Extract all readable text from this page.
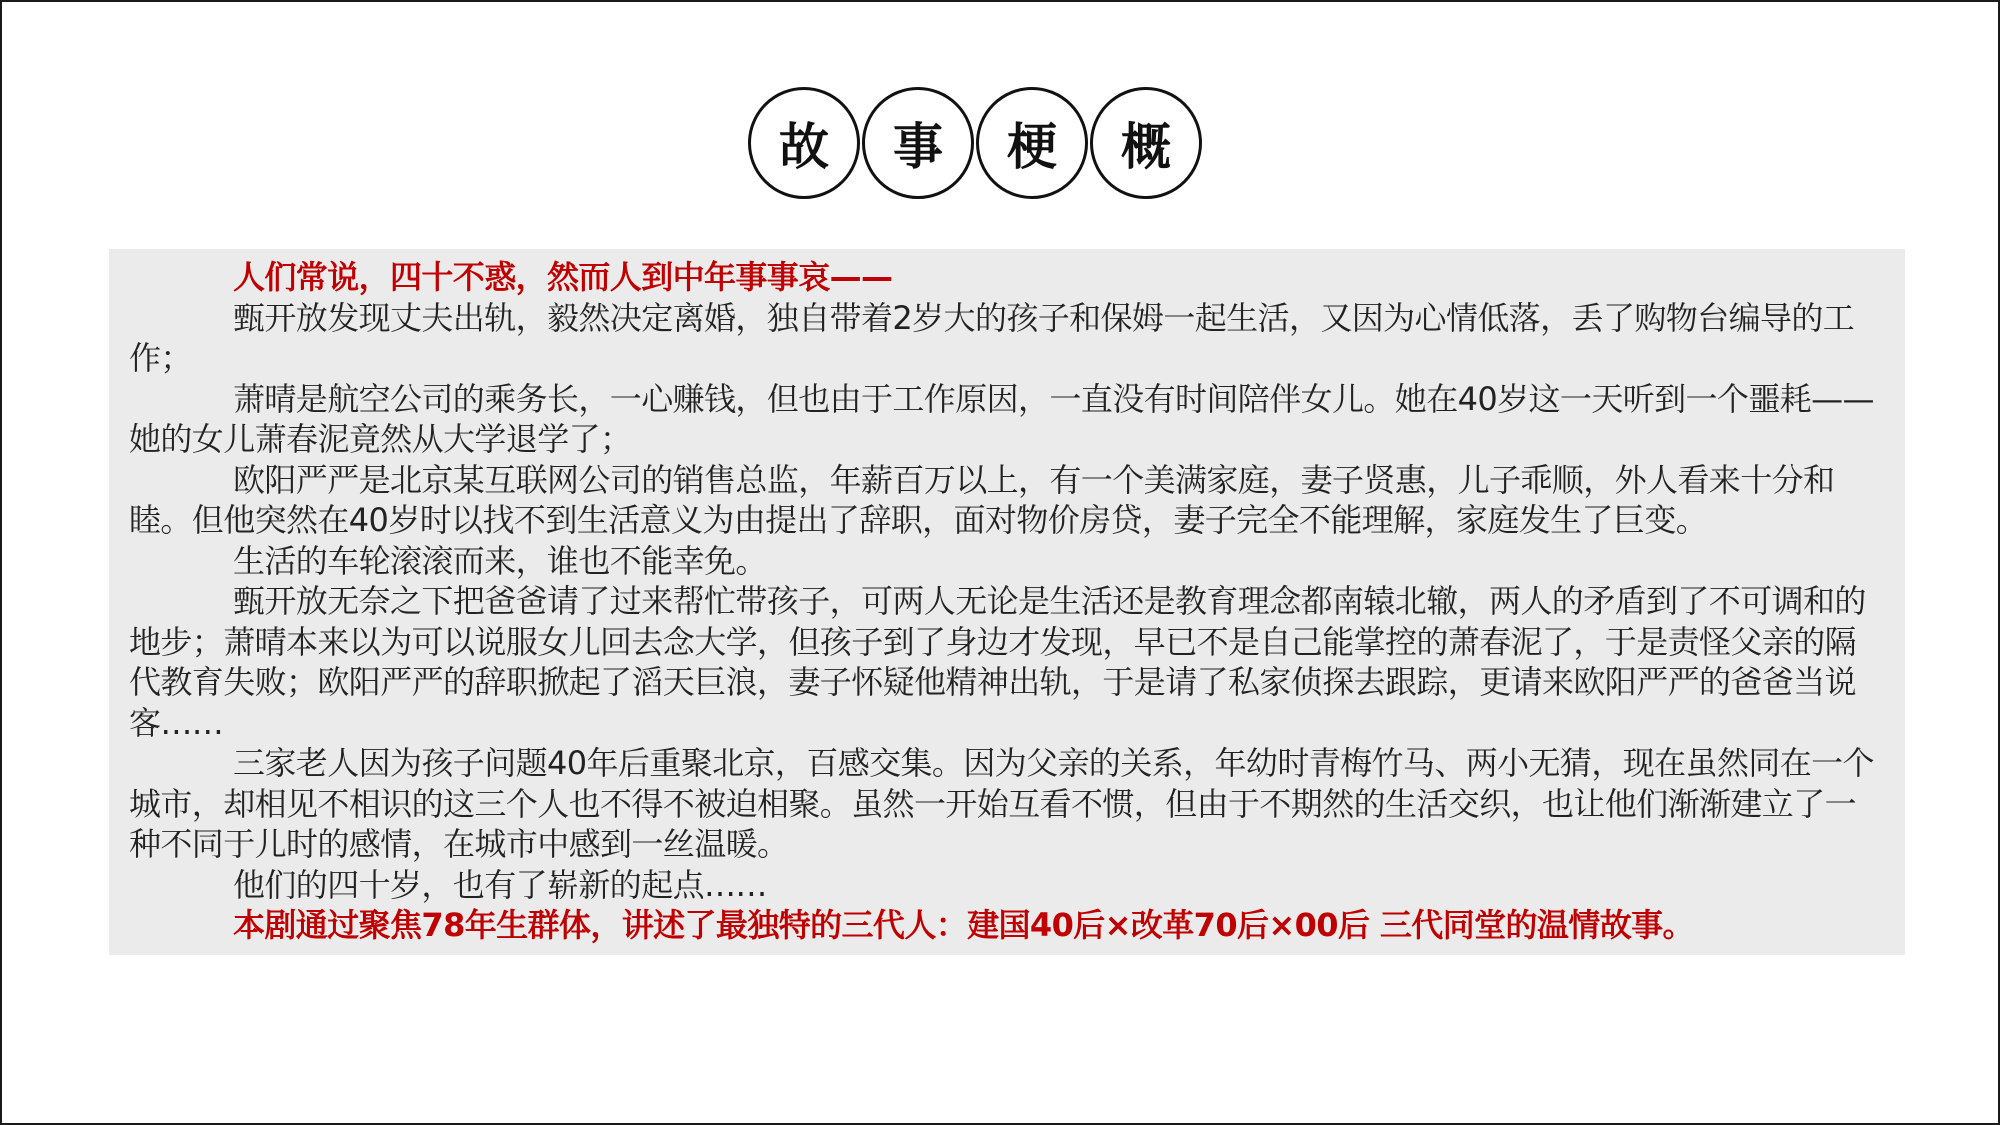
故	事	梗	概

人们常说，四十不惑，然而人到中年事事哀——

甄开放发现丈夫出轨，毅然决定离婚，独自带着2岁大的孩子和保姆一起生活，又因为心情低落，丢了购物台编导的工作；

萧晴是航空公司的乘务长，一心赚钱，但也由于工作原因，一直没有时间陪伴女儿。她在40岁这一天听到一个噩耗——她的女儿萧春泥竟然从大学退学了；

欧阳严严是北京某互联网公司的销售总监，年薪百万以上，有一个美满家庭，妻子贤惠，儿子乖顺，外人看来十分和睦。但他突然在40岁时以找不到生活意义为由提出了辞职，面对物价房贷，妻子完全不能理解，家庭发生了巨变。

生活的车轮滚滚而来，谁也不能幸免。

甄开放无奈之下把爸爸请了过来帮忙带孩子，可两人无论是生活还是教育理念都南辕北辙，两人的矛盾到了不可调和的地步；萧晴本来以为可以说服女儿回去念大学，但孩子到了身边才发现，早已不是自己能掌控的萧春泥了，于是责怪父亲的隔代教育失败；欧阳严严的辞职掀起了滔天巨浪，妻子怀疑他精神出轨，于是请了私家侦探去跟踪，更请来欧阳严严的爸爸当说客……

三家老人因为孩子问题40年后重聚北京，百感交集。因为父亲的关系，年幼时青梅竹马、两小无猜，现在虽然同在一个城市，却相见不相识的这三个人也不得不被迫相聚。虽然一开始互看不惯，但由于不期然的生活交织，也让他们渐渐建立了一种不同于儿时的感情，在城市中感到一丝温暖。

他们的四十岁，也有了崭新的起点……

本剧通过聚焦78年生群体，讲述了最独特的三代人：建国40后×改革70后×00后 三代同堂的温情故事。
